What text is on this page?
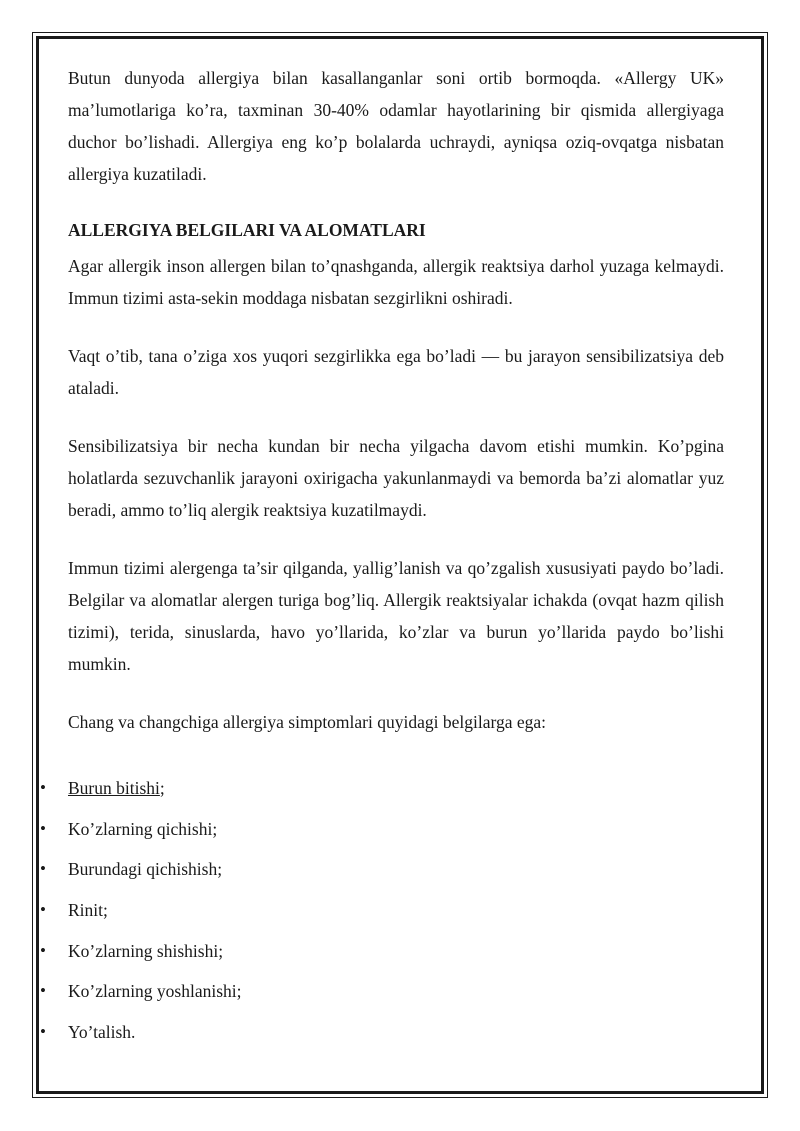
Butun dunyoda allergiya bilan kasallanganlar soni ortib bormoqda. «Allergy UK» ma’lumotlariga ko’ra, taxminan 30-40% odamlar hayotlarining bir qismida allergiyaga duchor bo’lishadi. Allergiya eng ko’p bolalarda uchraydi, ayniqsa oziq-ovqatga nisbatan allergiya kuzatiladi.

ALLERGIYA BELGILARI VA ALOMATLARI

Agar allergik inson allergen bilan to’qnashganda, allergik reaktsiya darhol yuzaga kelmaydi. Immun tizimi asta-sekin moddaga nisbatan sezgirlikni oshiradi.

Vaqt o’tib, tana o’ziga xos yuqori sezgirlikka ega bo’ladi — bu jarayon sensibilizatsiya deb ataladi.

Sensibilizatsiya bir necha kundan bir necha yilgacha davom etishi mumkin. Ko’pgina holatlarda sezuvchanlik jarayoni oxirigacha yakunlanmaydi va bemorda ba’zi alomatlar yuz beradi, ammo to’liq alergik reaktsiya kuzatilmaydi.

Immun tizimi alergenga ta’sir qilganda, yallig’lanish va qo’zgalish xususiyati paydo bo’ladi. Belgilar va alomatlar alergen turiga bog’liq. Allergik reaktsiyalar ichakda (ovqat hazm qilish tizimi), terida, sinuslarda, havo yo’llarida, ko’zlar va burun yo’llarida paydo bo’lishi mumkin.

Chang va changchiga allergiya simptomlari quyidagi belgilarga ega:

• Burun bitishi;
• Ko’zlarning qichishi;
• Burundagi qichishish;
• Rinit;
• Ko’zlarning shishishi;
• Ko’zlarning yoshlanishi;
• Yo’talish.
